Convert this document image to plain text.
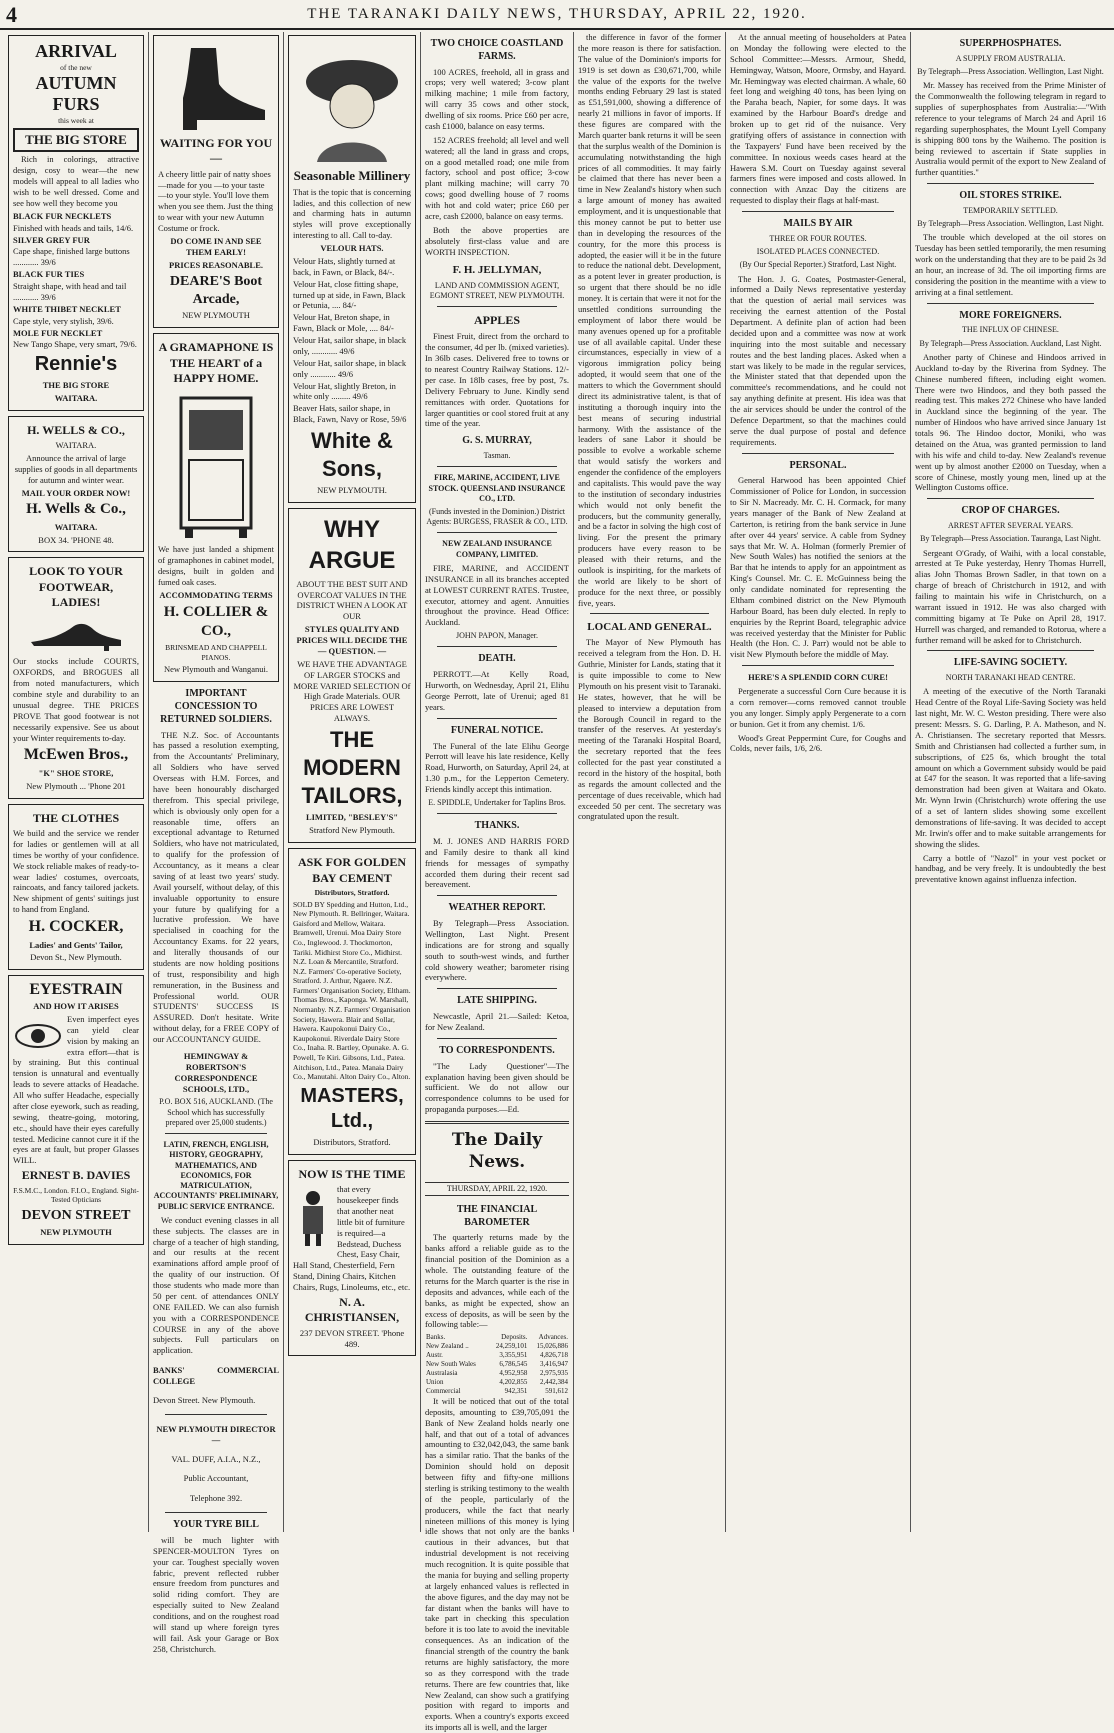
4	THE TARANAKI DAILY NEWS, THURSDAY, APRIL 22, 1920.

ARRIVAL

of the new

AUTUMN

FURS

this week at

THE BIG STORE

Rich in colorings, attractive design, cosy to wear—the new models will appeal to all ladies who wish to be well dressed. Come and see how well they become you

BLACK FUR NECKLETS
Finished with heads and tails, 14/6.
SILVER GREY FUR
Cape shape, finished large buttons ............ 39/6
BLACK FUR TIES
Straight shape, with head and tail ............ 39/6
WHITE THIBET NECKLET
Cape style, very stylish, 39/6.
MOLE FUR NECKLET
New Tango Shape, very smart, 79/6.

Rennie's

THE BIG STORE

WAITARA.

H. WELLS & CO.,

WAITARA.

Announce the arrival of large supplies of goods in all departments for autumn and winter wear.

MAIL YOUR ORDER NOW!

H. Wells & Co.,

WAITARA.

BOX 34. 'PHONE 48.

LOOK TO YOUR FOOTWEAR, LADIES!

Our stocks include COURTS, OXFORDS, and BROGUES all from noted manufacturers, which combine style and durability to an unusual degree. THE PRICES PROVE That good footwear is not necessarily expensive. See us about your Winter requirements to-day.

McEwen Bros.,

"K" SHOE STORE,

New Plymouth ... 'Phone 201

THE CLOTHES

We build and the service we render for ladies or gentlemen will at all times be worthy of your confidence. We stock reliable makes of ready-to-wear ladies' costumes, overcoats, raincoats, and fancy tailored jackets. New shipment of gents' suitings just to hand from England.

H. COCKER,

Ladies' and Gents' Tailor,

Devon St., New Plymouth.

EYESTRAIN

AND HOW IT ARISES

Even imperfect eyes can yield clear vision by making an extra effort—that is by straining. But this continual tension is unnatural and eventually leads to severe attacks of Headache. All who suffer Headache, especially after close eyework, such as reading, sewing, theatre-going, motoring, etc., should have their eyes carefully tested. Medicine cannot cure it if the eyes are at fault, but proper Glasses WILL.

ERNEST B. DAVIES

F.S.M.C., London. F.I.O., England. Sight-Tested Opticians

DEVON STREET

NEW PLYMOUTH

WAITING FOR YOU—

A cheery little pair of natty shoes —made for you —to your taste —to your style. You'll love them when you see them. Just the thing to wear with your new Autumn Costume or frock.

DO COME IN AND SEE THEM EARLY!

PRICES REASONABLE.

DEARE'S Boot Arcade,

NEW PLYMOUTH

A GRAMAPHONE IS THE HEART of a HAPPY HOME.

We have just landed a shipment of gramaphones in cabinet model, designs, built in golden and fumed oak cases.

ACCOMMODATING TERMS

H. COLLIER & CO.,

BRINSMEAD AND CHAPPELL PIANOS.

New Plymouth and Wanganui.

IMPORTANT CONCESSION TO RETURNED SOLDIERS.

THE N.Z. Soc. of Accountants has passed a resolution exempting, from the Accountants' Preliminary, all Soldiers who have served Overseas with H.M. Forces, and have been honourably discharged therefrom. This special privilege, which is obviously only open for a reasonable time, offers an exceptional advantage to Returned Soldiers, who have not matriculated, to qualify for the profession of Accountancy, as it means a clear saving of at least two years' study. Avail yourself, without delay, of this invaluable opportunity to ensure your future by qualifying for a lucrative profession. We have specialised in coaching for the Accountancy Exams. for 22 years, and literally thousands of our students are now holding positions of trust, responsibility and high remuneration, in the Business and Professional world. OUR STUDENTS' SUCCESS IS ASSURED. Don't hesitate. Write without delay, for a FREE COPY of our ACCOUNTANCY GUIDE.

HEMINGWAY & ROBERTSON'S CORRESPONDENCE SCHOOLS, LTD.,

P.O. BOX 516, AUCKLAND. (The School which has successfully prepared over 25,000 students.)

LATIN, FRENCH, ENGLISH, HISTORY, GEOGRAPHY, MATHEMATICS, AND ECONOMICS, FOR MATRICULATION, ACCOUNTANTS' PRELIMINARY, PUBLIC SERVICE ENTRANCE.

We conduct evening classes in all these subjects. The classes are in charge of a teacher of high standing, and our results at the recent examinations afford ample proof of the quality of our instruction. Of those students who made more than 50 per cent. of attendances ONLY ONE FAILED. We can also furnish you with a CORRESPONDENCE COURSE in any of the above subjects. Full particulars on application.

BANKS' COMMERCIAL COLLEGE

Devon Street. New Plymouth.

NEW PLYMOUTH DIRECTOR—

VAL. DUFF, A.I.A., N.Z.,

Public Accountant,

Telephone 392.

YOUR TYRE BILL

will be much lighter with SPENCER-MOULTON Tyres on your car. Toughest specially woven fabric, prevent reflected rubber ensure freedom from punctures and solid riding comfort. They are especially suited to New Zealand conditions, and on the roughest road will stand up where foreign tyres will fail. Ask your Garage or Box 258, Christchurch.

Seasonable Millinery

That is the topic that is concerning ladies, and this collection of new and charming hats in autumn styles will prove exceptionally interesting to all. Call to-day.

VELOUR HATS.

Velour Hats, slightly turned at back, in Fawn, or Black, 84/-.
Velour Hat, close fitting shape, turned up at side, in Fawn, Black or Petunia, .... 84/-
Velour Hat, Breton shape, in Fawn, Black or Mole, .... 84/-
Velour Hat, sailor shape, in black only, ............ 49/6
Velour Hat, sailor shape, in black only ............ 49/6
Velour Hat, slightly Breton, in white only ......... 49/6
Beaver Hats, sailor shape, in Black, Fawn, Navy or Rose, 59/6

White & Sons,

NEW PLYMOUTH.

WHY ARGUE

ABOUT THE BEST SUIT AND OVERCOAT VALUES IN THE DISTRICT WHEN A LOOK AT OUR

STYLES QUALITY AND PRICES WILL DECIDE THE — QUESTION. —

WE HAVE THE ADVANTAGE OF LARGER STOCKS and MORE VARIED SELECTION Of High Grade Materials. OUR PRICES ARE LOWEST ALWAYS.

THE MODERN TAILORS,

LIMITED, "BESLEY'S"

Stratford New Plymouth.

ASK FOR GOLDEN BAY CEMENT

Distributors, Stratford.

SOLD BY Spedding and Hutton, Ltd., New Plymouth. R. Bellringer, Waitara. Gaisford and Mellow, Waitara. Bramwell, Urenui. Moa Dairy Store Co., Inglewood. J. Thockmorton, Tariki. Midhirst Store Co., Midhirst. N.Z. Loan & Mercantile, Stratford. N.Z. Farmers' Co-operative Society, Stratford. J. Arthur, Ngaere. N.Z. Farmers' Organisation Society, Eltham. Thomas Bros., Kaponga. W. Marshall, Normanby. N.Z. Farmers' Organisation Society, Hawera. Blair and Sollar, Hawera. Kaupokonui Dairy Co., Kaupokonui. Riverdale Dairy Store Co., Inaha. R. Bartley, Opunake. A. G. Powell, Te Kiri. Gibsons, Ltd., Patea. Aitchison, Ltd., Patea. Manaia Dairy Co., Manutahi. Alton Dairy Co., Alton.

MASTERS, Ltd.,

Distributors, Stratford.

NOW IS THE TIME

that every housekeeper finds that another neat little bit of furniture is required—a Bedstead, Duchess Chest, Easy Chair, Hall Stand, Chesterfield, Fern Stand, Dining Chairs, Kitchen Chairs, Rugs, Linoleums, etc., etc.

N. A. CHRISTIANSEN,

237 DEVON STREET. 'Phone 489.

TWO CHOICE COASTLAND FARMS.

100 ACRES, freehold, all in grass and crops; very well watered; 3-cow plant milking machine; 1 mile from factory, will carry 35 cows and other stock, dwelling of six rooms. Price £60 per acre, cash £1000, balance on easy terms.

152 ACRES freehold; all level and well watered; all the land in grass and crops, on a good metalled road; one mile from factory, school and post office; 3-cow plant milking machine; will carry 70 cows; good dwelling house of 7 rooms with hot and cold water; price £60 per acre, cash £2000, balance on easy terms.

Both the above properties are absolutely first-class value and are WORTH INSPECTION.

F. H. JELLYMAN,

LAND AND COMMISSION AGENT, EGMONT STREET, NEW PLYMOUTH.

APPLES

Finest Fruit, direct from the orchard to the consumer, 4d per lb. (mixed varieties). In 36lb cases. Delivered free to towns or to nearest Country Railway Stations. 12/- per case. In 18lb cases, free by post, 7s. Delivery February to June. Kindly send remittances with order. Quotations for larger quantities or cool stored fruit at any time of the year.

G. S. MURRAY,

Tasman.

FIRE, MARINE, ACCIDENT, LIVE STOCK. QUEENSLAND INSURANCE CO., LTD.

(Funds invested in the Dominion.) District Agents: BURGESS, FRASER & CO., LTD.

NEW ZEALAND INSURANCE COMPANY, LIMITED.

FIRE, MARINE, and ACCIDENT INSURANCE in all its branches accepted at LOWEST CURRENT RATES. Trustee, executor, attorney and agent. Annuities throughout the province. Head Office: Auckland.

JOHN PAPON, Manager.

DEATH.

PERROTT.—At Kelly Road, Hurworth, on Wednesday, April 21, Elihu George Perrott, late of Urenui; aged 81 years.

FUNERAL NOTICE.

The Funeral of the late Elihu George Perrott will leave his late residence, Kelly Road, Hurworth, on Saturday, April 24, at 1.30 p.m., for the Lepperton Cemetery. Friends kindly accept this intimation.

E. SPIDDLE, Undertaker for Taplins Bros.

THANKS.

M. J. JONES AND HARRIS FORD and Family desire to thank all kind friends for messages of sympathy accorded them during their recent sad bereavement.

WEATHER REPORT.

By Telegraph—Press Association. Wellington, Last Night. Present indications are for strong and squally south to south-west winds, and further cold showery weather; barometer rising everywhere.

LATE SHIPPING.

Newcastle, April 21.—Sailed: Ketoa, for New Zealand.

TO CORRESPONDENTS.

"The Lady Questioner"—The explanation having been given should be sufficient. We do not allow our correspondence columns to be used for propaganda purposes.—Ed.

The Daily News.

THURSDAY, APRIL 22, 1920.

THE FINANCIAL BAROMETER

The quarterly returns made by the banks afford a reliable guide as to the financial position of the Dominion as a whole. The outstanding feature of the returns for the March quarter is the rise in deposits and advances, while each of the banks, as might be expected, show an excess of deposits, as will be seen by the following table:—

Banks.	Deposits.	Advances.
New Zealand ..	24,259,101	15,026,886
Austr.	3,355,951	4,826,718
New South Wales	6,786,545	3,416,947
Australasia	4,952,958	2,975,935
Union	4,202,855	2,442,384
Commercial	942,351	591,612

It will be noticed that out of the total deposits, amounting to £39,705,091 the Bank of New Zealand holds nearly one half, and that out of a total of advances amounting to £32,042,043, the same bank has a similar ratio. That the banks of the Dominion should hold on deposit between fifty and fifty-one millions sterling is striking testimony to the wealth of the people, particularly of the producers, while the fact that nearly nineteen millions of this money is lying idle shows that not only are the banks cautious in their advances, but that industrial development is not receiving much recognition. It is quite possible that the mania for buying and selling property at largely enhanced values is reflected in the above figures, and the day may not be far distant when the banks will have to take part in checking this speculation before it is too late to avoid the inevitable consequences. As an indication of the financial strength of the country the bank returns are highly satisfactory, the more so as they correspond with the trade returns. There are few countries that, like New Zealand, can show such a gratifying position with regard to imports and exports. When a country's exports exceed its imports all is well, and the larger

the difference in favor of the former the more reason is there for satisfaction. The value of the Dominion's imports for 1919 is set down as £30,671,700, while the value of the exports for the twelve months ending February 29 last is stated as £51,591,000, showing a difference of nearly 21 millions in favor of imports. If these figures are compared with the March quarter bank returns it will be seen that the surplus wealth of the Dominion is accumulating notwithstanding the high prices of all commodities. It may fairly be claimed that there has never been a time in New Zealand's history when such a large amount of money has awaited employment, and it is unquestionable that this money cannot be put to better use than in developing the resources of the country, for the more this process is adopted, the easier will it be in the future to reduce the national debt. Development, as a potent lever in greater production, is so urgent that there should be no idle money. It is certain that were it not for the unsettled conditions surrounding the employment of labor there would be many avenues opened up for a profitable use of all available capital. Under these circumstances, especially in view of a vigorous immigration policy being adopted, it would seem that one of the matters to which the Government should direct its administrative talent, is that of instituting a thorough inquiry into the best means of securing industrial harmony. With the assistance of the leaders of sane Labor it should be possible to evolve a workable scheme that would satisfy the workers and engender the confidence of the employers and capitalists. This would pave the way to the institution of secondary industries which would not only benefit the producers, but the community generally, and be a factor in solving the high cost of living. For the present the primary producers have every reason to be pleased with their returns, and the outlook is inspiriting, for the markets of the world are likely to be short of produce for the next three, or possibly five, years.

LOCAL AND GENERAL.

The Mayor of New Plymouth has received a telegram from the Hon. D. H. Guthrie, Minister for Lands, stating that it is quite impossible to come to New Plymouth on his present visit to Taranaki. He states, however, that he will be pleased to interview a deputation from the Borough Council in regard to the transfer of the reserves. At yesterday's meeting of the Taranaki Hospital Board, the secretary reported that the fees collected for the past year constituted a record in the history of the hospital, both as regards the amount collected and the percentage of dues receivable, which had exceeded 50 per cent. The secretary was congratulated upon the result.

At the annual meeting of householders at Patea on Monday the following were elected to the School Committee:—Messrs. Armour, Shedd, Hemingway, Watson, Moore, Ormsby, and Hayard. Mr. Hemingway was elected chairman. A whale, 60 feet long and weighing 40 tons, has been lying on the Paraha beach, Napier, for some days. It was examined by the Harbour Board's dredge and broken up to get rid of the nuisance. Very gratifying offers of assistance in connection with the Taxpayers' Fund have been received by the committee. In noxious weeds cases heard at the Hawera S.M. Court on Tuesday against several farmers fines were imposed and costs allowed. In connection with Anzac Day the citizens are requested to display their flags at half-mast.

MAILS BY AIR

THREE OR FOUR ROUTES.

ISOLATED PLACES CONNECTED.

(By Our Special Reporter.) Stratford, Last Night.

The Hon. J. G. Coates, Postmaster-General, informed a Daily News representative yesterday that the question of aerial mail services was receiving the earnest attention of the Postal Department. A definite plan of action had been decided upon and a committee was now at work inquiring into the most suitable and necessary routes and the best landing places. Asked when a start was likely to be made in the regular services, the Minister stated that that depended upon the committee's recommendations, and he could not say anything definite at present. His idea was that the air services should be under the control of the Defence Department, so that the machines could serve the dual purpose of postal and defence requirements.

PERSONAL.

General Harwood has been appointed Chief Commissioner of Police for London, in succession to Sir N. Macready. Mr. C. H. Cormack, for many years manager of the Bank of New Zealand at Carterton, is retiring from the bank service in June after over 44 years' service. A cable from Sydney says that Mr. W. A. Holman (formerly Premier of New South Wales) has notified the seniors at the Bar that he intends to apply for an appointment as King's Counsel. Mr. C. E. McGuinness being the only candidate nominated for representing the Eltham combined district on the New Plymouth Harbour Board, has been duly elected. In reply to enquiries by the Reprint Board, telegraphic advice was received yesterday that the Minister for Public Health (the Hon. C. J. Parr) would not be able to visit New Plymouth before the middle of May.

HERE'S A SPLENDID CORN CURE!

Pergenerate a successful Corn Cure because it is a corn remover—corns removed cannot trouble you any longer. Simply apply Pergenerate to a corn or bunion. Get it from any chemist. 1/6.

Wood's Great Peppermint Cure, for Coughs and Colds, never fails, 1/6, 2/6.

SUPERPHOSPHATES.

A SUPPLY FROM AUSTRALIA.

By Telegraph—Press Association. Wellington, Last Night.

Mr. Massey has received from the Prime Minister of the Commonwealth the following telegram in regard to supplies of superphosphates from Australia:—"With reference to your telegrams of March 24 and April 16 regarding superphosphates, the Mount Lyell Company is shipping 800 tons by the Waihemo. The position is being reviewed to ascertain if State supplies in Australia would permit of the export to New Zealand of further quantities."

OIL STORES STRIKE.

TEMPORARILY SETTLED.

By Telegraph—Press Association. Wellington, Last Night.

The trouble which developed at the oil stores on Tuesday has been settled temporarily, the men resuming work on the understanding that they are to be paid 2s 3d an hour, an increase of 3d. The oil importing firms are considering the position in the meantime with a view to arriving at a final settlement.

MORE FOREIGNERS.

THE INFLUX OF CHINESE.

By Telegraph—Press Association. Auckland, Last Night.

Another party of Chinese and Hindoos arrived in Auckland to-day by the Riverina from Sydney. The Chinese numbered fifteen, including eight women. There were two Hindoos, and they both passed the reading test. This makes 272 Chinese who have landed in Auckland since the beginning of the year. The number of Hindoos who have arrived since January 1st totals 96. The Hindoo doctor, Moniki, who was detained on the Atua, was granted permission to land with his wife and child to-day. New Zealand's revenue went up by almost another £2000 on Tuesday, when a score of Chinese, mostly young men, lined up at the Wellington Customs office.

CROP OF CHARGES.

ARREST AFTER SEVERAL YEARS.

By Telegraph—Press Association. Tauranga, Last Night.

Sergeant O'Grady, of Waihi, with a local constable, arrested at Te Puke yesterday, Henry Thomas Hurrell, alias John Thomas Brown Sadler, in that town on a charge of breach of Christchurch in 1912, and with failing to maintain his wife in Christchurch, on a warrant issued in 1912. He was also charged with committing bigamy at Te Puke on April 28, 1917. Hurrell was charged, and remanded to Rotorua, where a further remand will be asked for to Christchurch.

LIFE-SAVING SOCIETY.

NORTH TARANAKI HEAD CENTRE.

A meeting of the executive of the North Taranaki Head Centre of the Royal Life-Saving Society was held last night, Mr. W. C. Weston presiding. There were also present: Messrs. S. G. Darling, P. A. Matheson, and N. A. Christiansen. The secretary reported that Messrs. Smith and Christiansen had collected a further sum, in subscriptions, of £25 6s, which brought the total amount on which a Government subsidy would be paid at £47 for the season. It was reported that a life-saving demonstration had been given at Waitara and Okato. Mr. Wynn Irwin (Christchurch) wrote offering the use of a set of lantern slides showing some excellent demonstrations of life-saving. It was decided to accept Mr. Irwin's offer and to make suitable arrangements for showing the slides.

Carry a bottle of "Nazol" in your vest pocket or handbag, and be very freely. It is undoubtedly the best preventative known against influenza infection.
